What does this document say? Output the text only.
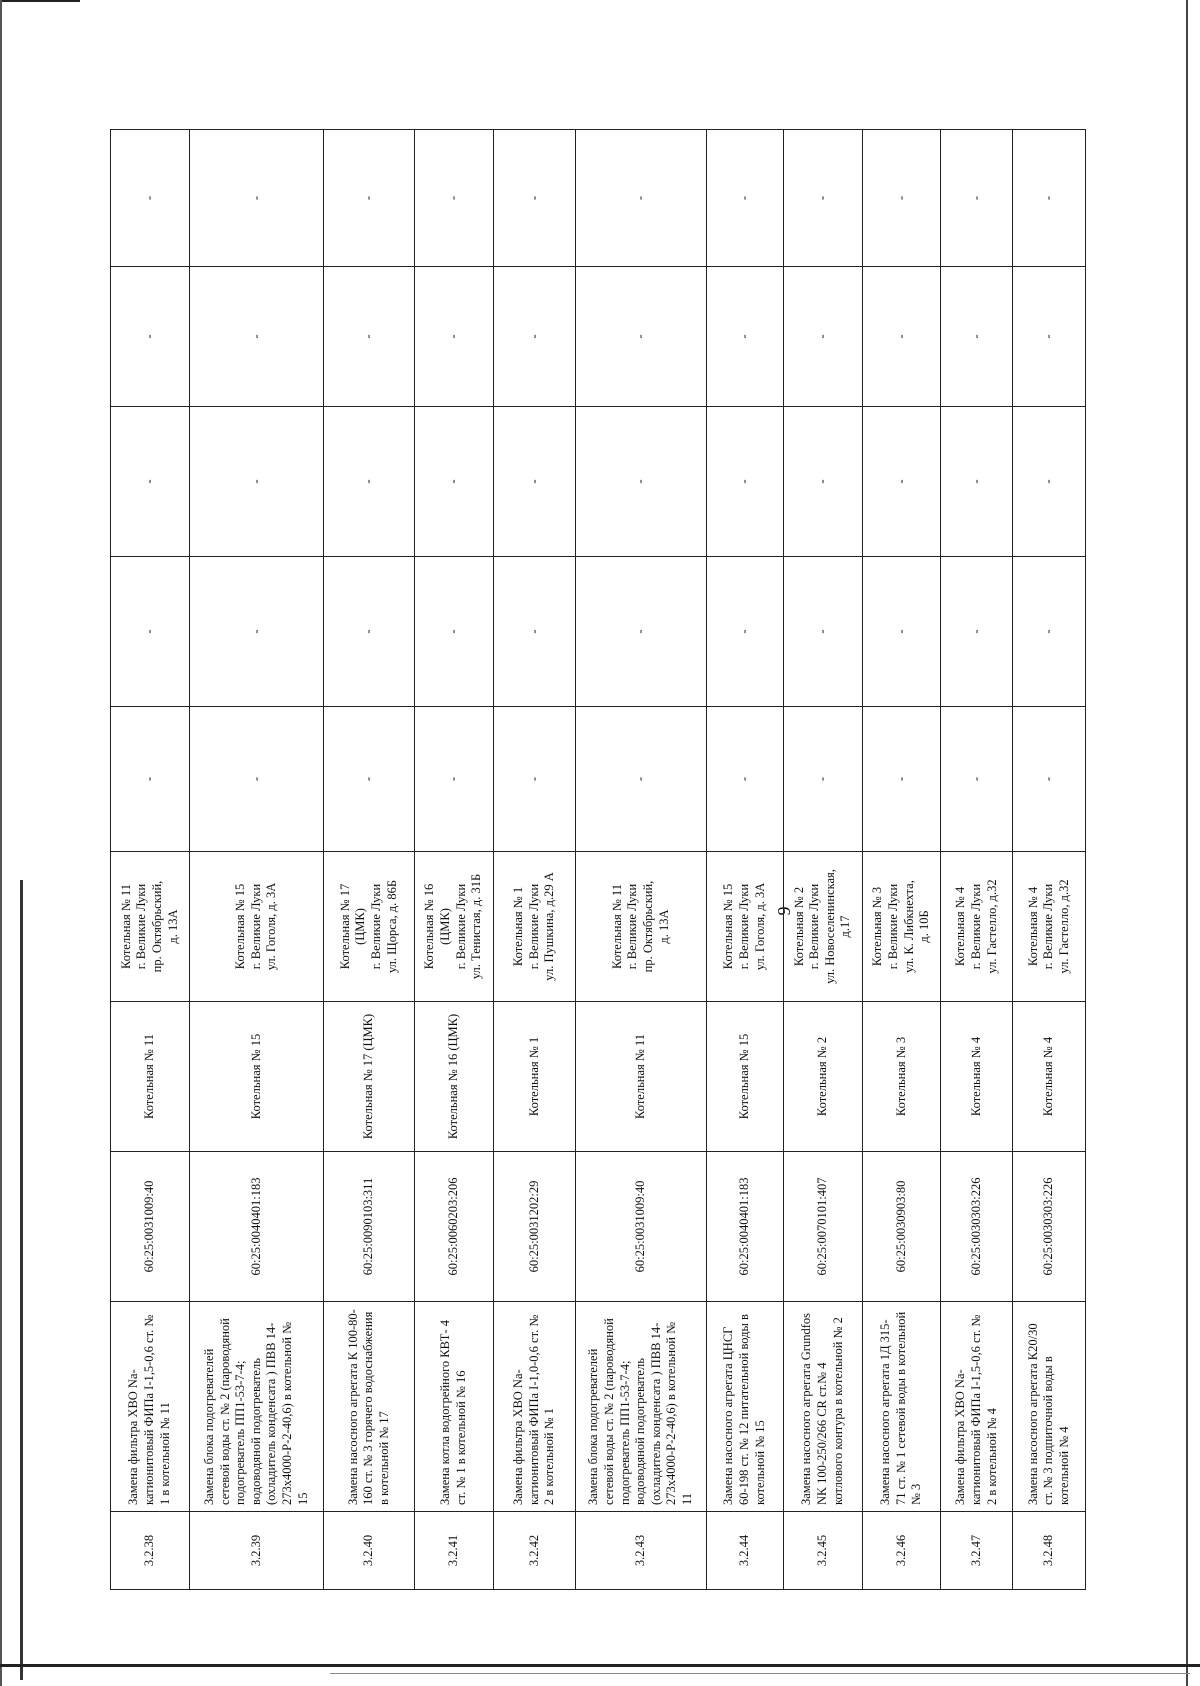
9
3.2.38	Замена фильтра ХВО Na-катионитовый ФИПа I-1,5-0,6 ст. № 1 в котельной № 11	60:25:0031009:40	Котельная № 11	Котельная № 11 г. Великие Луки пр. Октябрьский, д. 13А	-	-	-	-	-
3.2.39	Замена блока подогревателей сетевой воды ст. № 2 (пароводяной подогреватель ПП1-53-7-4; водоводяной подогреватель (охладитель конденсата ) ПВВ 14-273х4000-Р-2-40,6) в котельной № 15	60:25:0040401:183	Котельная № 15	Котельная № 15 г. Великие Луки ул. Гоголя, д. 3А	-	-	-	-	-
3.2.40	Замена насосного агрегата К 100-80-160 ст. № 3 горячего водоснабжения в котельной № 17	60:25:0090103:311	Котельная № 17 (ЦМК)	Котельная № 17 (ЦМК) г. Великие Луки ул. Щорса, д. 86Б	-	-	-	-	-
3.2.41	Замена котла водогрейного КВТ- 4 ст. № 1 в котельной № 16	60:25:0060203:206	Котельная № 16 (ЦМК)	Котельная № 16 (ЦМК) г. Великие Луки ул. Тенистая, д. 31Б	-	-	-	-	-
3.2.42	Замена фильтра ХВО Na-катионитовый ФИПа I-1,0-0,6 ст. № 2 в котельной № 1	60:25:0031202:29	Котельная № 1	Котельная № 1 г. Великие Луки ул. Пушкина, д.29 А	-	-	-	-	-
3.2.43	Замена блока подогревателей сетевой воды ст. № 2 (пароводяной подогреватель ПП1-53-7-4; водоводяной подогреватель (охладитель конденсата ) ПВВ 14-273х4000-Р-2-40,6) в котельной № 11	60:25:0031009:40	Котельная № 11	Котельная № 11 г. Великие Луки пр. Октябрьский, д. 13А	-	-	-	-	-
3.2.44	Замена насосного агрегата ЦНСГ 60-198 ст. № 12 питательной воды в котельной № 15	60:25:0040401:183	Котельная № 15	Котельная № 15 г. Великие Луки ул. Гоголя, д. 3А	-	-	-	-	-
3.2.45	Замена насосного агрегата Grundfos NK 100-250/266 CR ст.№ 4 котлового контура в котельной № 2	60:25:0070101:407	Котельная № 2	Котельная № 2 г. Великие Луки ул. Новоселенинская, д.17	-	-	-	-	-
3.2.46	Замена насосного агрегата 1Д 315-71 ст. № 1 сетевой воды в котельной № 3	60:25:0030903:80	Котельная № 3	Котельная № 3 г. Великие Луки ул. К. Либкнехта, д. 10Б	-	-	-	-	-
3.2.47	Замена фильтра ХВО Na-катионитовый ФИПа I-1,5-0,6 ст. № 2 в котельной № 4	60:25:0030303:226	Котельная № 4	Котельная № 4 г. Великие Луки ул. Гастелло, д.32	-	-	-	-	-
3.2.48	Замена насосного агрегата К20/30 ст. № 3 подпиточной воды в котельной № 4	60:25:0030303:226	Котельная № 4	Котельная № 4 г. Великие Луки ул. Гастелло, д.32	-	-	-	-	-
